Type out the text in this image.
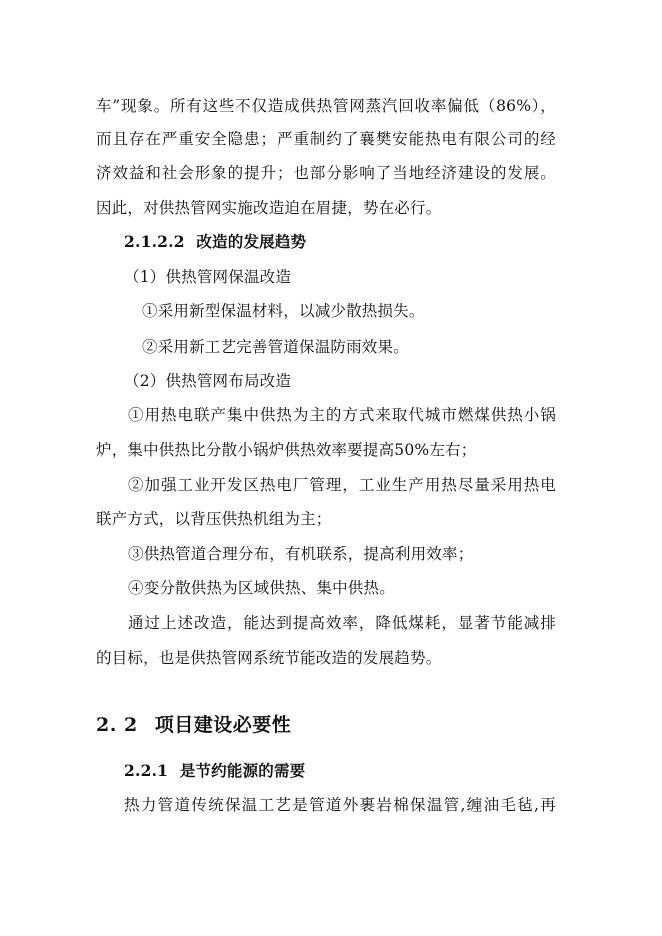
车”现象。所有这些不仅造成供热管网蒸汽回收率偏低（86%），
而且存在严重安全隐患；严重制约了襄樊安能热电有限公司的经
济效益和社会形象的提升；也部分影响了当地经济建设的发展。
因此，对供热管网实施改造迫在眉捷，势在必行。
2.1.2.2 改造的发展趋势
（1）供热管网保温改造
①采用新型保温材料，以减少散热损失。
②采用新工艺完善管道保温防雨效果。
（2）供热管网布局改造
①用热电联产集中供热为主的方式来取代城市燃煤供热小锅
炉，集中供热比分散小锅炉供热效率要提高50%左右；
②加强工业开发区热电厂管理，工业生产用热尽量采用热电
联产方式，以背压供热机组为主；
③供热管道合理分布，有机联系，提高利用效率；
④变分散供热为区域供热、集中供热。
通过上述改造，能达到提高效率，降低煤耗，显著节能减排
的目标，也是供热管网系统节能改造的发展趋势。
2. 2 项目建设必要性
2.2.1 是节约能源的需要
热力管道传统保温工艺是管道外裹岩棉保温管,缠油毛毡,再
